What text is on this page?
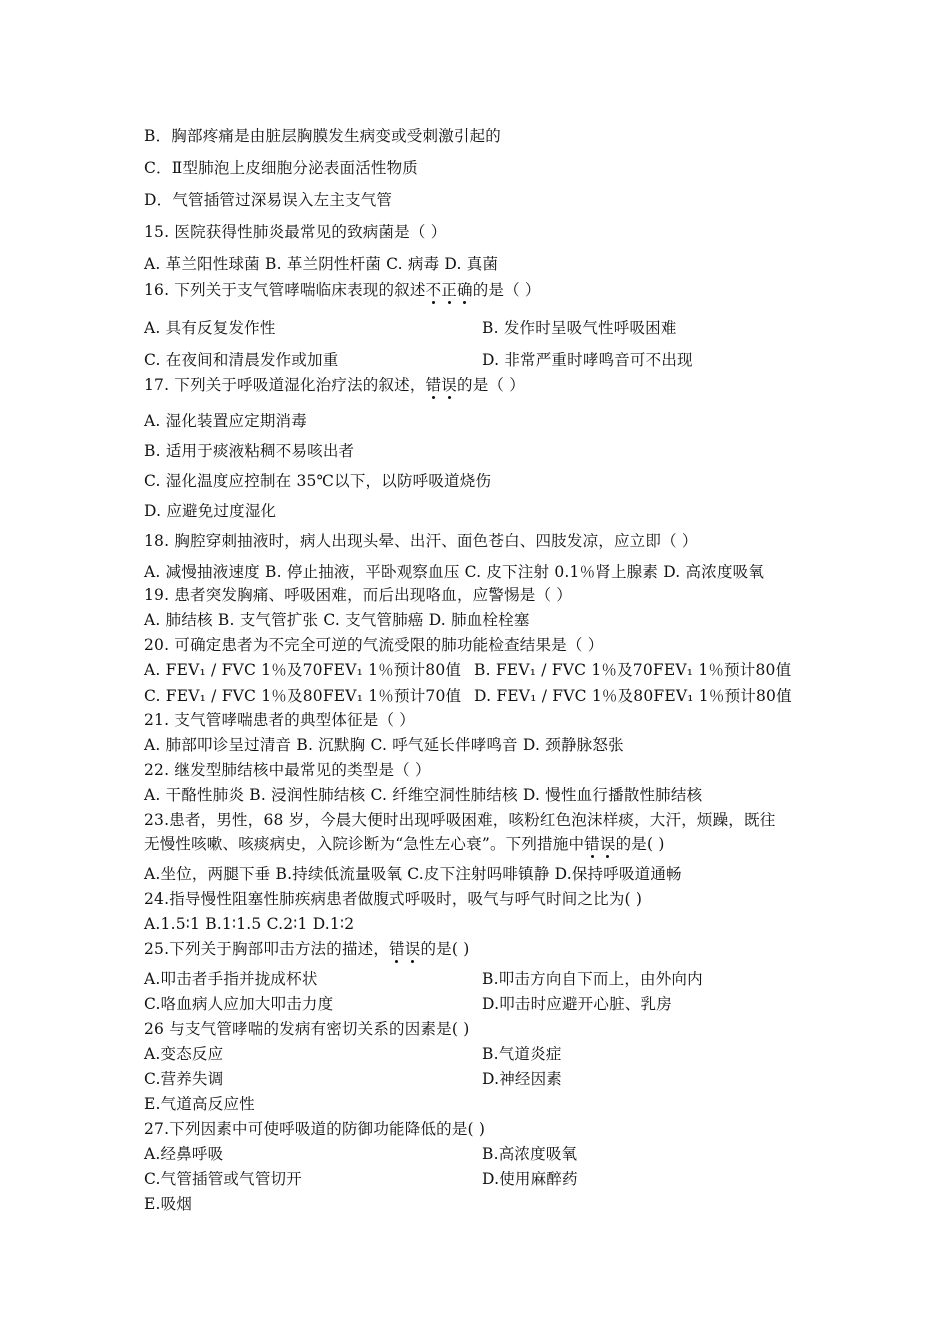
B．胸部疼痛是由脏层胸膜发生病变或受刺激引起的
C．Ⅱ型肺泡上皮细胞分泌表面活性物质
D．气管插管过深易误入左主支气管
15. 医院获得性肺炎最常见的致病菌是（ ）
A. 革兰阳性球菌 B. 革兰阴性杆菌 C. 病毒 D. 真菌
16. 下列关于支气管哮喘临床表现的叙述不正确的是（ ）
A. 具有反复发作性	B. 发作时呈吸气性呼吸困难
C. 在夜间和清晨发作或加重	D. 非常严重时哮鸣音可不出现
17. 下列关于呼吸道湿化治疗法的叙述，错误的是（ ）
A. 湿化装置应定期消毒
B. 适用于痰液粘稠不易咳出者
C. 湿化温度应控制在 35℃以下，以防呼吸道烧伤
D. 应避免过度湿化
18. 胸腔穿刺抽液时，病人出现头晕、出汗、面色苍白、四肢发凉，应立即（ ）
A. 减慢抽液速度 B. 停止抽液，平卧观察血压 C. 皮下注射 0.1％肾上腺素 D. 高浓度吸氧
19. 患者突发胸痛、呼吸困难，而后出现咯血，应警惕是（ ）
A. 肺结核 B. 支气管扩张 C. 支气管肺癌 D. 肺血栓栓塞
20. 可确定患者为不完全可逆的气流受限的肺功能检查结果是（ ）
A. FEV₁ / FVC 1％及70FEV₁ 1％预计80值 B. FEV₁ / FVC 1％及70FEV₁ 1％预计80值
C. FEV₁ / FVC 1％及80FEV₁ 1％预计70值 D. FEV₁ / FVC 1％及80FEV₁ 1％预计80值
21. 支气管哮喘患者的典型体征是（ ）
A. 肺部叩诊呈过清音 B. 沉默胸 C. 呼气延长伴哮鸣音 D. 颈静脉怒张
22. 继发型肺结核中最常见的类型是（ ）
A. 干酪性肺炎 B. 浸润性肺结核 C. 纤维空洞性肺结核 D. 慢性血行播散性肺结核
23.患者，男性，68 岁，今晨大便时出现呼吸困难，咳粉红色泡沫样痰，大汗，烦躁，既往
无慢性咳嗽、咳痰病史，入院诊断为“急性左心衰”。下列措施中错误的是( )
A.坐位，两腿下垂 B.持续低流量吸氧 C.皮下注射吗啡镇静 D.保持呼吸道通畅
24.指导慢性阻塞性肺疾病患者做腹式呼吸时，吸气与呼气时间之比为( )
A.1.5∶1 B.1∶1.5 C.2∶1 D.1∶2
25.下列关于胸部叩击方法的描述，错误的是( )
A.叩击者手指并拢成杯状	B.叩击方向自下而上，由外向内
C.咯血病人应加大叩击力度	D.叩击时应避开心脏、乳房
26 与支气管哮喘的发病有密切关系的因素是( )
A.变态反应	B.气道炎症
C.营养失调	D.神经因素
E.气道高反应性
27.下列因素中可使呼吸道的防御功能降低的是( )
A.经鼻呼吸	B.高浓度吸氧
C.气管插管或气管切开	D.使用麻醉药
E.吸烟
